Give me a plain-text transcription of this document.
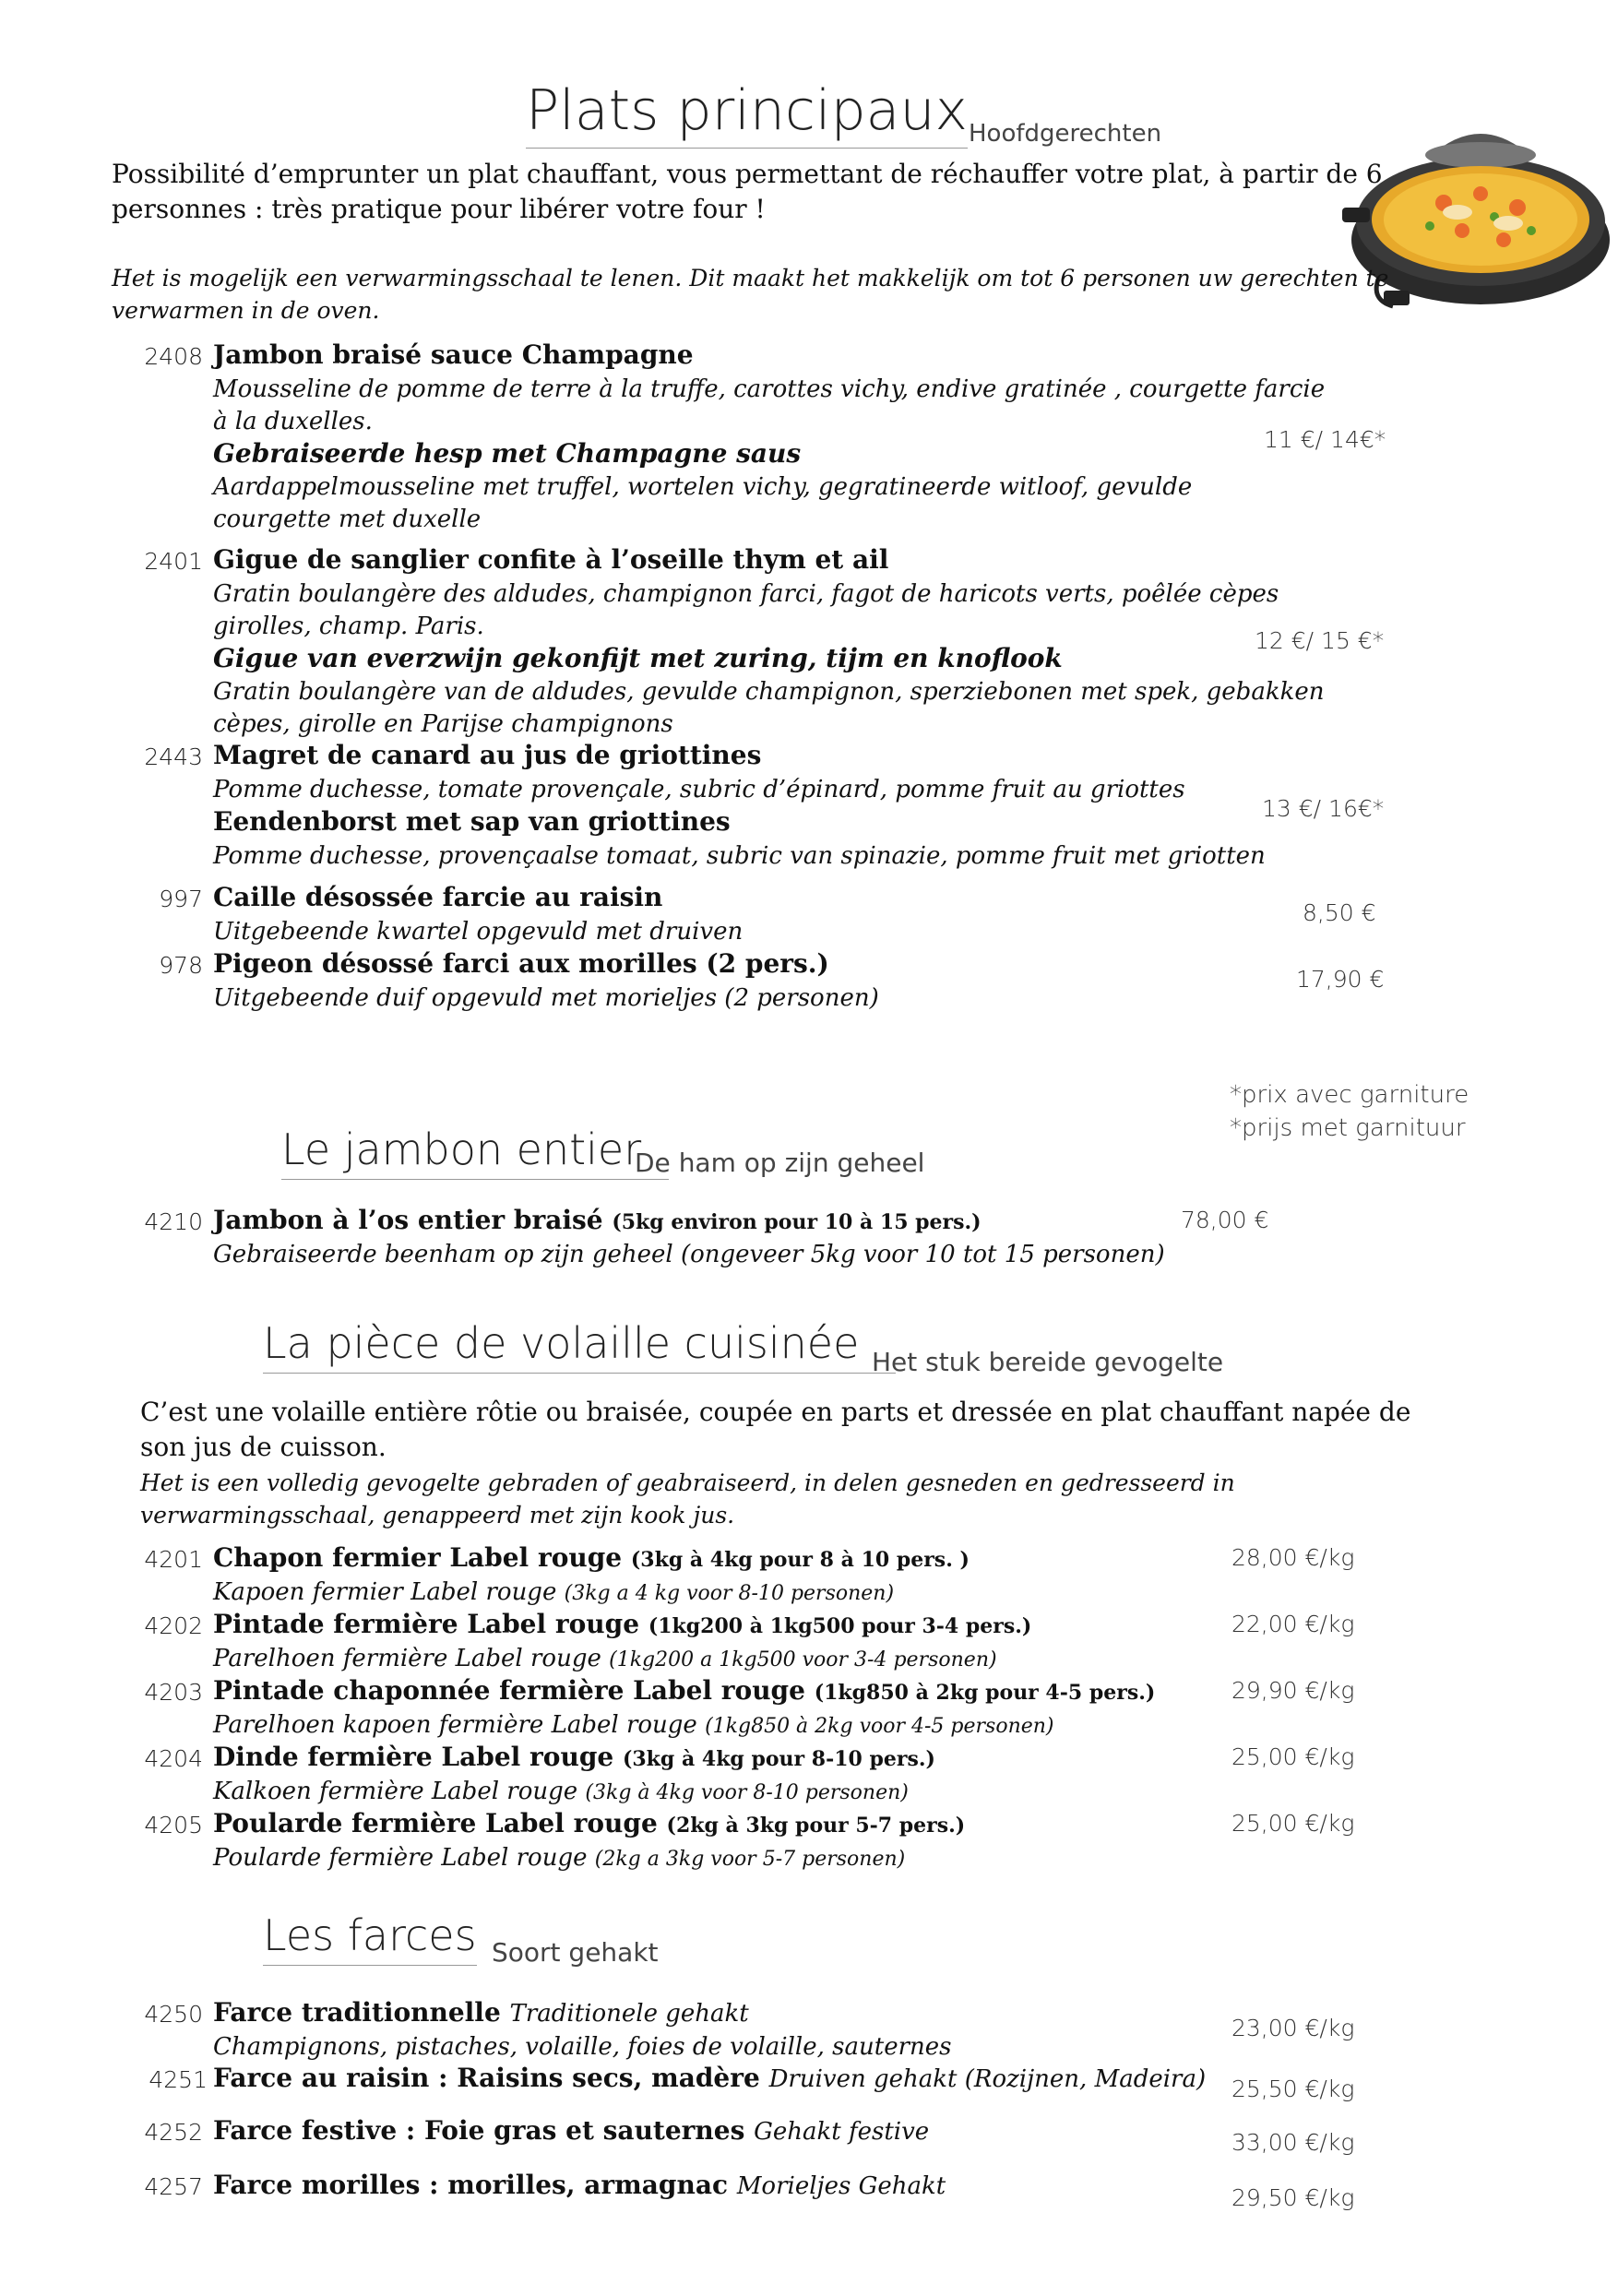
Plats principaux Hoofdgerechten
Possibilité d’emprunter un plat chauffant, vous permettant de réchauffer votre plat, à partir de 6
personnes : très pratique pour libérer votre four !
Het is mogelijk een verwarmingsschaal te lenen. Dit maakt het makkelijk om tot 6 personen uw gerechten te
verwarmen in de oven.
2408 Jambon braisé sauce Champagne
Mousseline de pomme de terre à la truffe, carottes vichy, endive gratinée , courgette farcie
à la duxelles.
Gebraiseerde hesp met Champagne saus
Aardappelmousseline met truffel, wortelen vichy, gegratineerde witloof, gevulde
courgette met duxelle
11 €/ 14€*
2401 Gigue de sanglier confite à l’oseille thym et ail
Gratin boulangère des aldudes, champignon farci, fagot de haricots verts, poêlée cèpes
girolles, champ. Paris.
Gigue van everzwijn gekonfijt met zuring, tijm en knoflook
Gratin boulangère van de aldudes, gevulde champignon, sperziebonen met spek, gebakken
cèpes, girolle en Parijse champignons
12 €/ 15 €*
2443 Magret de canard au jus de griottines
Pomme duchesse, tomate provençale, subric d’épinard, pomme fruit au griottes
Eendenborst met sap van griottines
Pomme duchesse, provençaalse tomaat, subric van spinazie, pomme fruit met griotten
13 €/ 16€*
997 Caille désossée farcie au raisin
Uitgebeende kwartel opgevuld met druiven
8,50 €
978 Pigeon désossé farci aux morilles (2 pers.)
Uitgebeende duif opgevuld met morieljes (2 personen)
17,90 €
*prix avec garniture
*prijs met garnituur
Le jambon entier
De ham op zijn geheel
4210 Jambon à l’os entier braisé (5kg environ pour 10 à 15 pers.)
Gebraiseerde beenham op zijn geheel (ongeveer 5kg voor 10 tot 15 personen)
78,00 €
La pièce de volaille cuisinée Het stuk bereide gevogelte
C’est une volaille entière rôtie ou braisée, coupée en parts et dressée en plat chauffant napée de
son jus de cuisson.
Het is een volledig gevogelte gebraden of geabraiseerd, in delen gesneden en gedresseerd in
verwarmingsschaal, genappeerd met zijn kook jus.
4201 Chapon fermier Label rouge (3kg à 4kg pour 8 à 10 pers. )
Kapoen fermier Label rouge (3kg a 4 kg voor 8-10 personen)
28,00 €/kg
4202 Pintade fermière Label rouge (1kg200 à 1kg500 pour 3-4 pers.)
Parelhoen fermière Label rouge (1kg200 a 1kg500 voor 3-4 personen)
22,00 €/kg
4203 Pintade chaponnée fermière Label rouge (1kg850 à 2kg pour 4-5 pers.)
Parelhoen kapoen fermière Label rouge (1kg850 à 2kg voor 4-5 personen)
29,90 €/kg
4204 Dinde fermière Label rouge (3kg à 4kg pour 8-10 pers.)
Kalkoen fermière Label rouge (3kg à 4kg voor 8-10 personen)
25,00 €/kg
4205 Poularde fermière Label rouge (2kg à 3kg pour 5-7 pers.)
Poularde fermière Label rouge (2kg a 3kg voor 5-7 personen)
25,00 €/kg
Les farces Soort gehakt
4250 Farce traditionnelle Traditionele gehakt
Champignons, pistaches, volaille, foies de volaille, sauternes
23,00 €/kg
4251 Farce au raisin : Raisins secs, madère Druiven gehakt (Rozijnen, Madeira) 25,50 €/kg
4252 Farce festive : Foie gras et sauternes Gehakt festive	33,00 €/kg
4257 Farce morilles : morilles, armagnac Morieljes Gehakt	29,50 €/kg
